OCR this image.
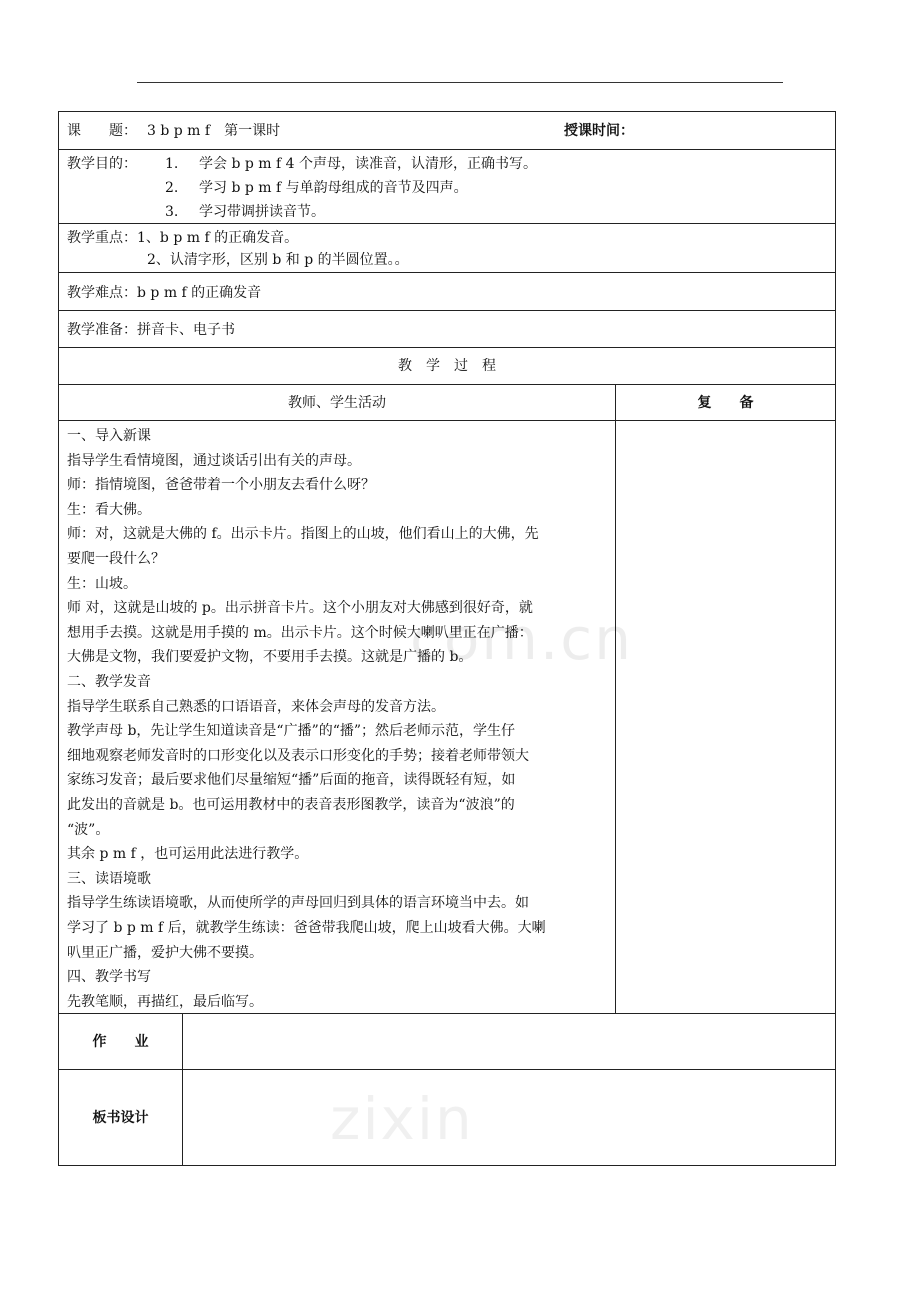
课　　题： 3 b p m f　第一课时	授课时间：
教学目的： 1. 学会 b p m f 4 个声母，读准音，认清形，正确书写。
2. 学习 b p m f 与单韵母组成的音节及四声。
3. 学习带调拼读音节。
教学重点： 1、b p m f 的正确发音。
2、认清字形，区别 b 和 p 的半圆位置。。
教学难点： b p m f 的正确发音
教学准备： 拼音卡、电子书
教　学　过　程
教师、学生活动	复　　备
一、导入新课
指导学生看情境图，通过谈话引出有关的声母。
师：指情境图，爸爸带着一个小朋友去看什么呀？
生：看大佛。
师：对，这就是大佛的 f。出示卡片。指图上的山坡，他们看山上的大佛，先
要爬一段什么？
生：山坡。
师 对，这就是山坡的 p。出示拼音卡片。这个小朋友对大佛感到很好奇，就
想用手去摸。这就是用手摸的 m。出示卡片。这个时候大喇叭里正在广播：
大佛是文物，我们要爱护文物，不要用手去摸。这就是广播的 b。
二、教学发音
指导学生联系自己熟悉的口语语音，来体会声母的发音方法。
教学声母 b，先让学生知道读音是“广播”的“播”；然后老师示范，学生仔
细地观察老师发音时的口形变化以及表示口形变化的手势；接着老师带领大
家练习发音；最后要求他们尽量缩短“播”后面的拖音，读得既轻有短，如
此发出的音就是 b。也可运用教材中的表音表形图教学，读音为“波浪”的
“波”。
其余 p m f ，也可运用此法进行教学。
三、读语境歌
指导学生练读语境歌，从而使所学的声母回归到具体的语言环境当中去。如
学习了 b p m f 后，就教学生练读：爸爸带我爬山坡，爬上山坡看大佛。大喇
叭里正广播，爱护大佛不要摸。
四、教学书写
先教笔顺，再描红，最后临写。
作　　业
板书设计
com.cn
zixin
